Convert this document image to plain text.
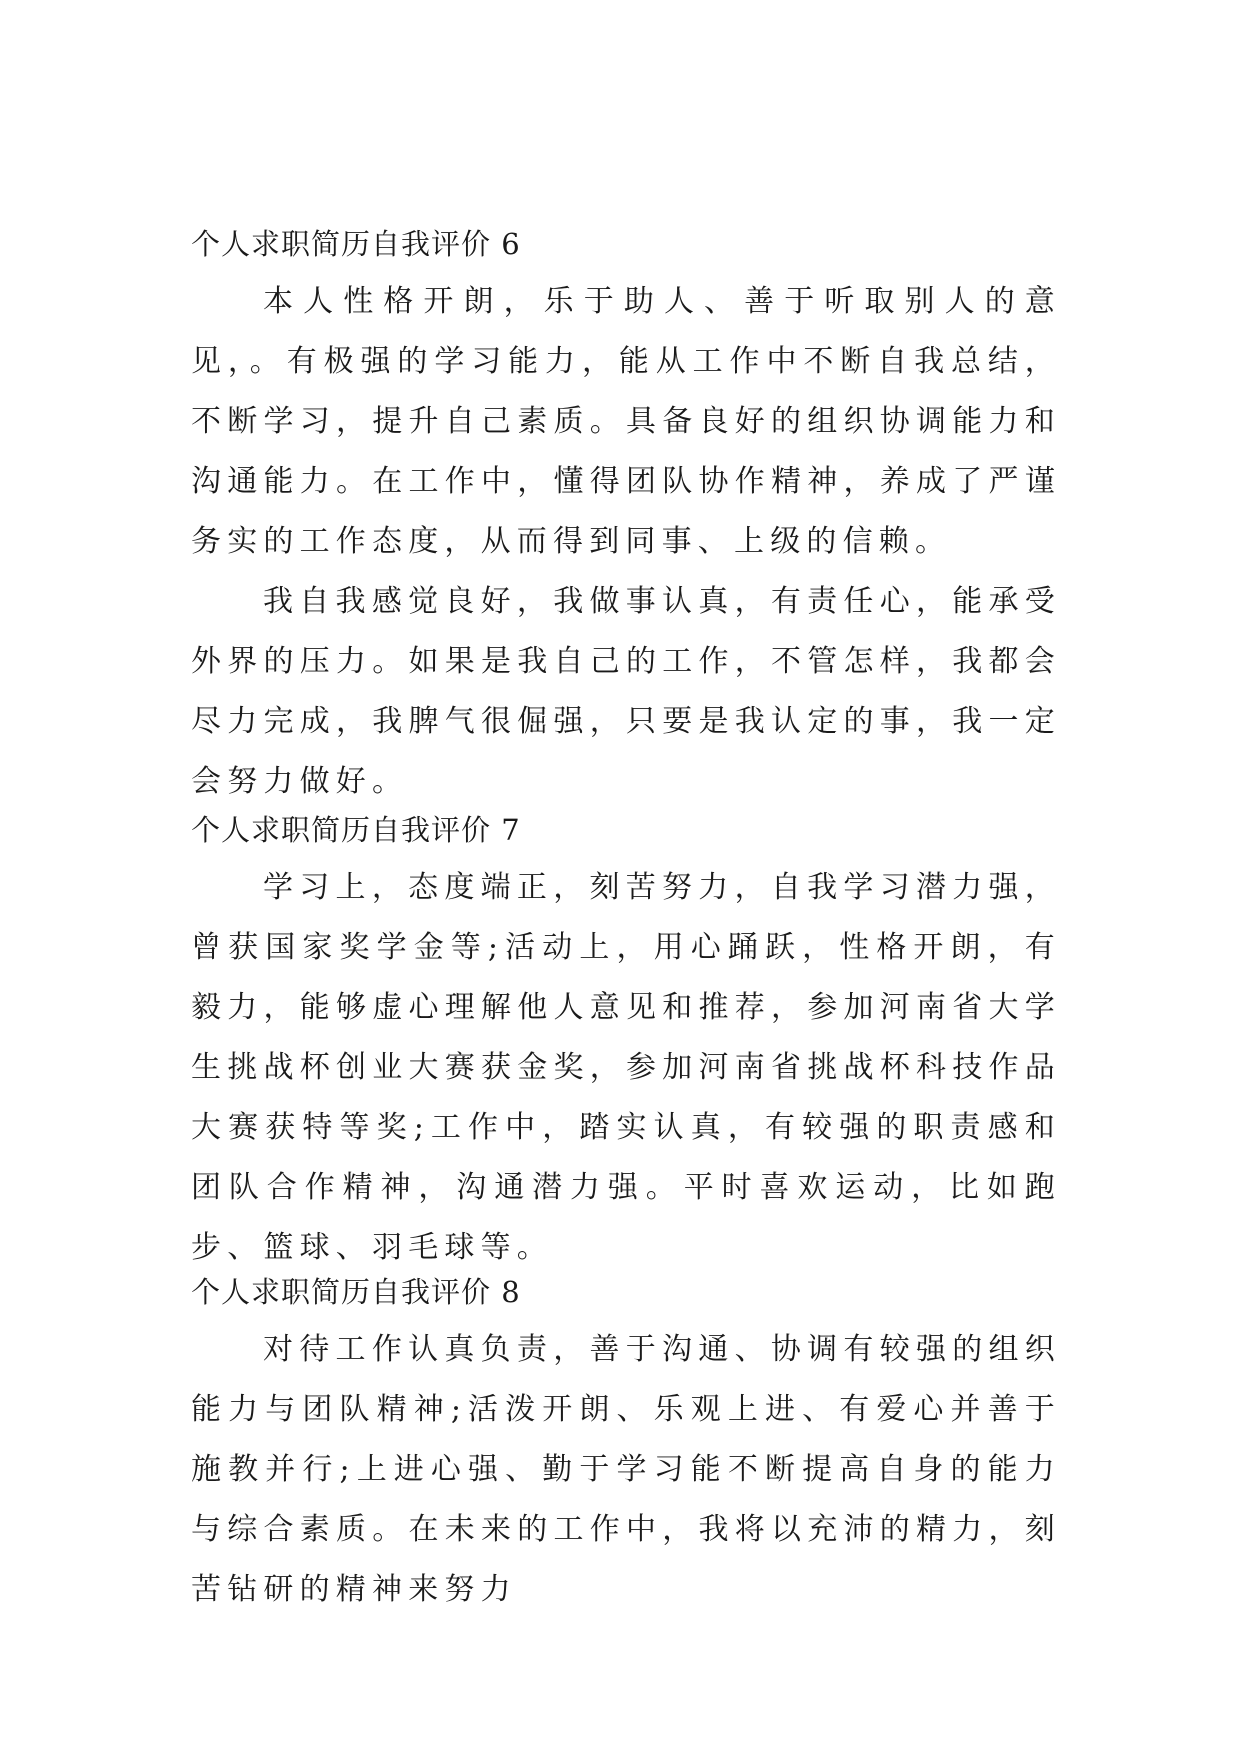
个人求职简历自我评价 6

本人性格开朗，乐于助人、善于听取别人的意见，。有极强的学习能力，能从工作中不断自我总结，不断学习，提升自己素质。具备良好的组织协调能力和沟通能力。在工作中，懂得团队协作精神，养成了严谨务实的工作态度，从而得到同事、上级的信赖。

我自我感觉良好，我做事认真，有责任心，能承受外界的压力。如果是我自己的工作，不管怎样，我都会尽力完成，我脾气很倔强，只要是我认定的事，我一定会努力做好。

个人求职简历自我评价 7

学习上，态度端正，刻苦努力，自我学习潜力强，曾获国家奖学金等;活动上，用心踊跃，性格开朗，有毅力，能够虚心理解他人意见和推荐，参加河南省大学生挑战杯创业大赛获金奖，参加河南省挑战杯科技作品大赛获特等奖;工作中，踏实认真，有较强的职责感和团队合作精神，沟通潜力强。平时喜欢运动，比如跑步、篮球、羽毛球等。

个人求职简历自我评价 8

对待工作认真负责，善于沟通、协调有较强的组织能力与团队精神;活泼开朗、乐观上进、有爱心并善于施教并行;上进心强、勤于学习能不断提高自身的能力与综合素质。在未来的工作中，我将以充沛的精力，刻苦钻研的精神来努力
